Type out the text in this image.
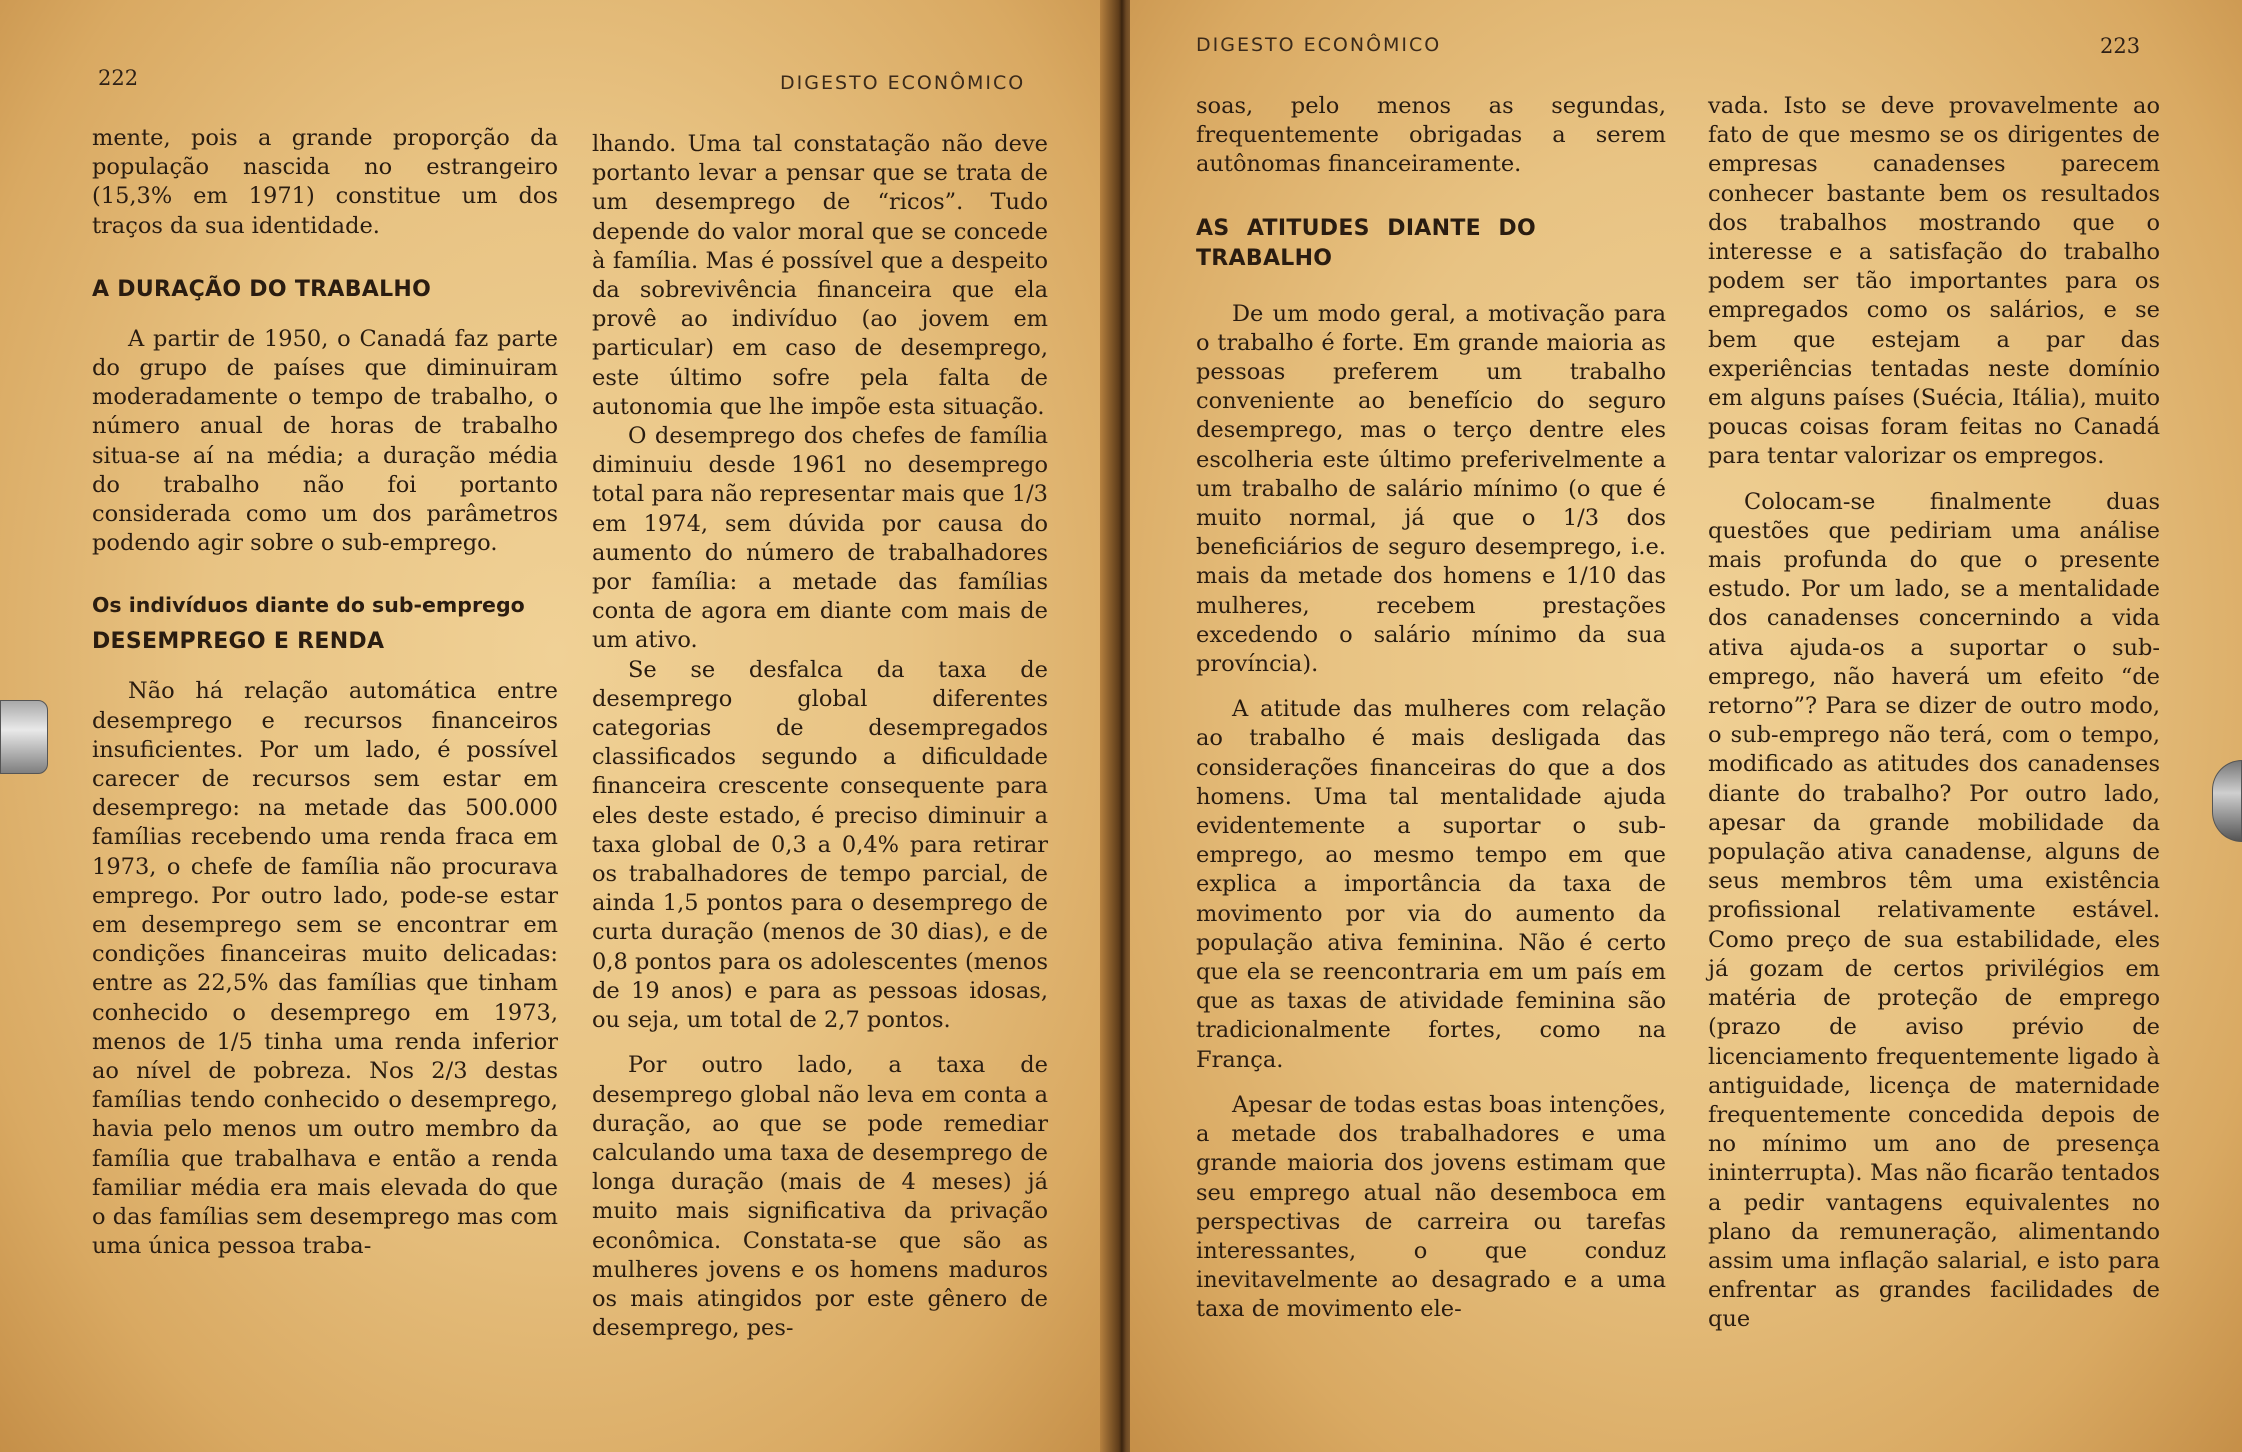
222	DIGESTO ECONÔMICO

mente, pois a grande proporção da população nascida no estrangeiro (15,3% em 1971) constitue um dos traços da sua identidade.

A DURAÇÃO DO TRABALHO

A partir de 1950, o Canadá faz parte do grupo de países que diminuiram moderadamente o tempo de trabalho, o número anual de horas de trabalho situa-se aí na média; a duração média do trabalho não foi portanto considerada como um dos parâmetros podendo agir sobre o sub-emprego.

Os indivíduos diante do sub-emprego
DESEMPREGO E RENDA

Não há relação automática entre desemprego e recursos financeiros insuficientes. Por um lado, é possível carecer de recursos sem estar em desemprego: na metade das 500.000 famílias recebendo uma renda fraca em 1973, o chefe de família não procurava emprego. Por outro lado, pode-se estar em desemprego sem se encontrar em condições financeiras muito delicadas: entre as 22,5% das famílias que tinham conhecido o desemprego em 1973, menos de 1/5 tinha uma renda inferior ao nível de pobreza. Nos 2/3 destas famílias tendo conhecido o desemprego, havia pelo menos um outro membro da família que trabalhava e então a renda familiar média era mais elevada do que o das famílias sem desemprego mas com uma única pessoa traba-

lhando. Uma tal constatação não deve portanto levar a pensar que se trata de um desemprego de “ricos”. Tudo depende do valor moral que se concede à família. Mas é possível que a despeito da sobrevivência financeira que ela provê ao indivíduo (ao jovem em particular) em caso de desemprego, este último sofre pela falta de autonomia que lhe impõe esta situação.

O desemprego dos chefes de família diminuiu desde 1961 no desemprego total para não representar mais que 1/3 em 1974, sem dúvida por causa do aumento do número de trabalhadores por família: a metade das famílias conta de agora em diante com mais de um ativo.

Se se desfalca da taxa de desemprego global diferentes categorias de desempregados classificados segundo a dificuldade financeira crescente consequente para eles deste estado, é preciso diminuir a taxa global de 0,3 a 0,4% para retirar os trabalhadores de tempo parcial, de ainda 1,5 pontos para o desemprego de curta duração (menos de 30 dias), e de 0,8 pontos para os adolescentes (menos de 19 anos) e para as pessoas idosas, ou seja, um total de 2,7 pontos.

Por outro lado, a taxa de desemprego global não leva em conta a duração, ao que se pode remediar calculando uma taxa de desemprego de longa duração (mais de 4 meses) já muito mais significativa da privação econômica. Constata-se que são as mulheres jovens e os homens maduros os mais atingidos por este gênero de desemprego, pes-

DIGESTO ECONÔMICO	223

soas, pelo menos as segundas, frequentemente obrigadas a serem autônomas financeiramente.

AS ATITUDES DIANTE DO TRABALHO

De um modo geral, a motivação para o trabalho é forte. Em grande maioria as pessoas preferem um trabalho conveniente ao benefício do seguro desemprego, mas o terço dentre eles escolheria este último preferivelmente a um trabalho de salário mínimo (o que é muito normal, já que o 1/3 dos beneficiários de seguro desemprego, i.e. mais da metade dos homens e 1/10 das mulheres, recebem prestações excedendo o salário mínimo da sua província).

A atitude das mulheres com relação ao trabalho é mais desligada das considerações financeiras do que a dos homens. Uma tal mentalidade ajuda evidentemente a suportar o sub-emprego, ao mesmo tempo em que explica a importância da taxa de movimento por via do aumento da população ativa feminina. Não é certo que ela se reencontraria em um país em que as taxas de atividade feminina são tradicionalmente fortes, como na França.

Apesar de todas estas boas intenções, a metade dos trabalhadores e uma grande maioria dos jovens estimam que seu emprego atual não desemboca em perspectivas de carreira ou tarefas interessantes, o que conduz inevitavelmente ao desagrado e a uma taxa de movimento ele-

vada. Isto se deve provavelmente ao fato de que mesmo se os dirigentes de empresas canadenses parecem conhecer bastante bem os resultados dos trabalhos mostrando que o interesse e a satisfação do trabalho podem ser tão importantes para os empregados como os salários, e se bem que estejam a par das experiências tentadas neste domínio em alguns países (Suécia, Itália), muito poucas coisas foram feitas no Canadá para tentar valorizar os empregos.

Colocam-se finalmente duas questões que pediriam uma análise mais profunda do que o presente estudo. Por um lado, se a mentalidade dos canadenses concernindo a vida ativa ajuda-os a suportar o sub-emprego, não haverá um efeito “de retorno”? Para se dizer de outro modo, o sub-emprego não terá, com o tempo, modificado as atitudes dos canadenses diante do trabalho? Por outro lado, apesar da grande mobilidade da população ativa canadense, alguns de seus membros têm uma existência profissional relativamente estável. Como preço de sua estabilidade, eles já gozam de certos privilégios em matéria de proteção de emprego (prazo de aviso prévio de licenciamento frequentemente ligado à antiguidade, licença de maternidade frequentemente concedida depois de no mínimo um ano de presença ininterrupta). Mas não ficarão tentados a pedir vantagens equivalentes no plano da remuneração, alimentando assim uma inflação salarial, e isto para enfrentar as grandes facilidades de que
